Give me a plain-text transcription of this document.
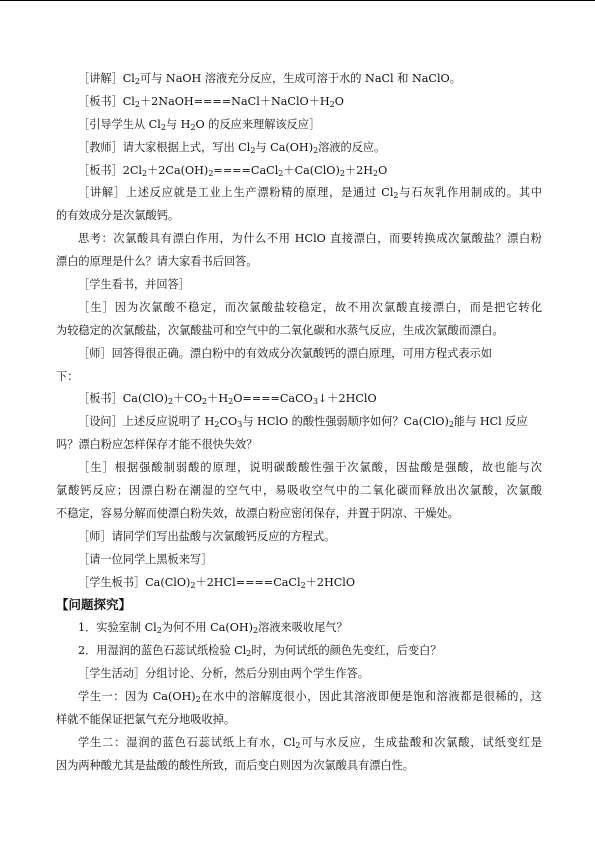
［讲解$]Cl_2$可与 NaOH 溶液充分反应，生成可溶于水的 NaCl 和 NaClO。
［板书$]Cl_2+2NaOH====NaCl+NaClO+H_2O$
［引导学生从 $Cl_2$与 $H_2O$ 的反应来理解该反应］
［教师］请大家根据上式，写出 $Cl_2$与 $Ca(OH)_2$溶液的反应。
［板书$]2Cl_2+2Ca(OH)_2====CaCl_2+Ca(ClO)_2+2H_2O$
［讲解］上述反应就是工业上生产漂粉精的原理，是通过 $Cl_2$与石灰乳作用制成的。其中
的有效成分是次氯酸钙。
思考：次氯酸具有漂白作用，为什么不用 HClO 直接漂白，而要转换成次氯酸盐？漂白粉
漂白的原理是什么？请大家看书后回答。
［学生看书，并回答］
［生］因为次氯酸不稳定，而次氯酸盐较稳定，故不用次氯酸直接漂白，而是把它转化
为较稳定的次氯酸盐，次氯酸盐可和空气中的二氧化碳和水蒸气反应，生成次氯酸而漂白。
［师］回答得很正确。漂白粉中的有效成分次氯酸钙的漂白原理，可用方程式表示如
下：
［板书$]Ca(ClO)_2+CO_2+H_2O====CaCO_3↓+2HClO$
［设问］上述反应说明了 $H_2CO_3$与 HClO 的酸性强弱顺序如何？$Ca(ClO)_2$能与 HCl 反应
吗？漂白粉应怎样保存才能不很快失效？
［生］根据强酸制弱酸的原理，说明碳酸酸性强于次氯酸，因盐酸是强酸，故也能与次
氯酸钙反应；因漂白粉在潮湿的空气中，易吸收空气中的二氧化碳而释放出次氯酸，次氯酸
不稳定，容易分解而使漂白粉失效，故漂白粉应密闭保存，并置于阴凉、干燥处。
［师］请同学们写出盐酸与次氯酸钙反应的方程式。
［请一位同学上黑板来写］
［学生板书$]Ca(ClO)_2+2HCl====CaCl_2+2HClO$
【问题探究】
1．实验室制 $Cl_2$为何不用 $Ca(OH)_2$溶液来吸收尾气？
2．用湿润的蓝色石蕊试纸检验 $Cl_2$时，为何试纸的颜色先变红，后变白？
［学生活动］分组讨论、分析，然后分别由两个学生作答。
学生一：因为 $Ca(OH)_2$在水中的溶解度很小，因此其溶液即便是饱和溶液都是很稀的，这
样就不能保证把氯气充分地吸收掉。
学生二：湿润的蓝色石蕊试纸上有水，$Cl_2$可与水反应，生成盐酸和次氯酸，试纸变红是
因为两种酸尤其是盐酸的酸性所致，而后变白则因为次氯酸具有漂白性。
